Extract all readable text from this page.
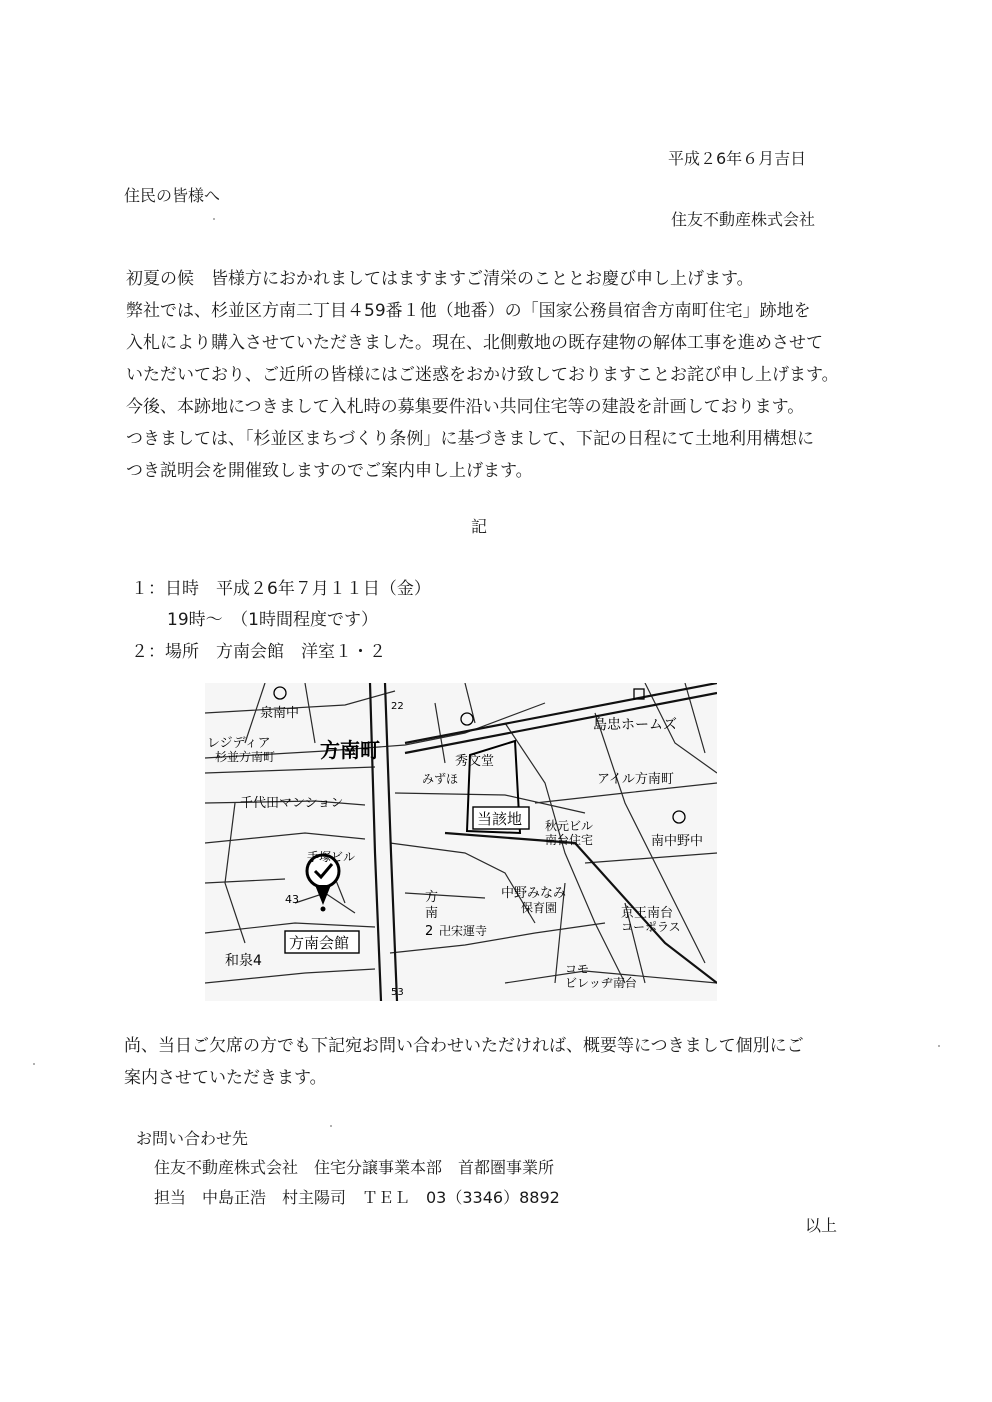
平成２6年６月吉日
住民の皆様へ
住友不動産株式会社
初夏の候　皆様方におかれましてはますますご清栄のこととお慶び申し上げます。
弊社では、杉並区方南二丁目４59番１他（地番）の「国家公務員宿舎方南町住宅」跡地を
入札により購入させていただきました。現在、北側敷地の既存建物の解体工事を進めさせて
いただいており、ご近所の皆様にはご迷惑をおかけ致しておりますことお詫び申し上げます。
今後、本跡地につきまして入札時の募集要件沿い共同住宅等の建設を計画しております。
つきましては、「杉並区まちづくり条例」に基づきまして、下記の日程にて土地利用構想に
つき説明会を開催致しますのでご案内申し上げます。
記
１：日時　平成２6年７月１１日（金）
19時～　（1時間程度です）
２：場所　方南会館　洋室１・２
泉南中
レジディア
杉並方南町 方南町	秀文堂
みずほ
島忠ホームズ
千代田マンション
当該地 秋元ビル
南台住宅
アイル方南町
南中野中
手塚ビル
中野みなみ
保育園	京王南台
コーポラス
方南会館
43	方
南
2 卍宋運寺
和泉4	コモ
ビレッヂ南台
22
53
尚、当日ご欠席の方でも下記宛お問い合わせいただければ、概要等につきまして個別にご
案内させていただきます。
お問い合わせ先
住友不動産株式会社　住宅分譲事業本部　首都圏事業所
担当　中島正浩　村主陽司　ＴＥＬ　03（3346）8892
以上
